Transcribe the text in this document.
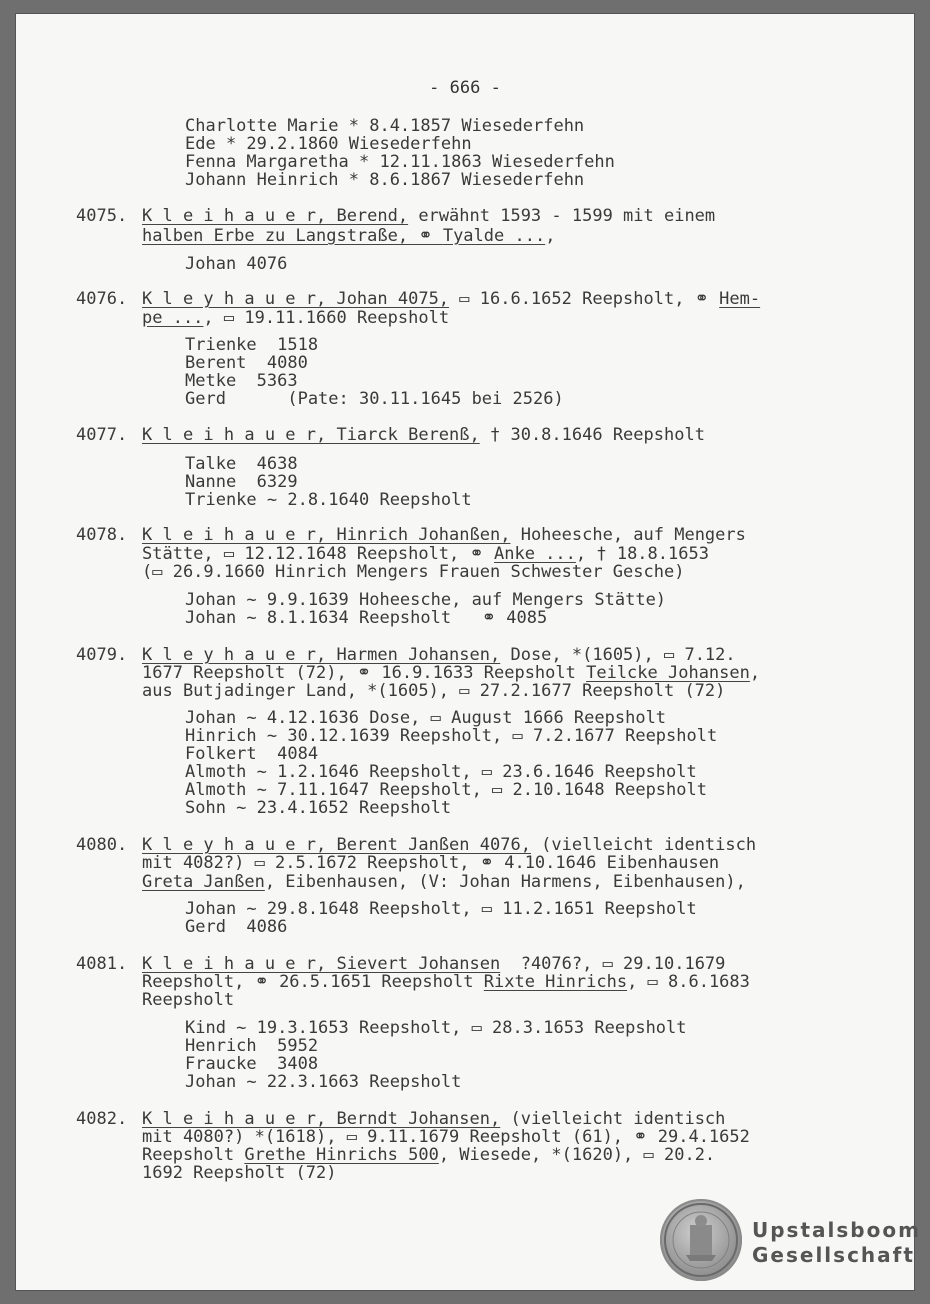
- 666 -
Charlotte Marie * 8.4.1857 Wiesederfehn
Ede * 29.2.1860 Wiesederfehn
Fenna Margaretha * 12.11.1863 Wiesederfehn
Johann Heinrich * 8.6.1867 Wiesederfehn
4075. K l e i h a u e r, Berend, erwähnt 1593 - 1599 mit einem
halben Erbe zu Langstraße, ⚭ Tyalde ...,
Johan 4076
4076. K l e y h a u e r, Johan 4075, ▭ 16.6.1652 Reepsholt, ⚭ Hem-
pe ..., ▭ 19.11.1660 Reepsholt
Trienke  1518
Berent  4080
Metke  5363
Gerd      (Pate: 30.11.1645 bei 2526)
4077. K l e i h a u e r, Tiarck Berenß, † 30.8.1646 Reepsholt
Talke  4638
Nanne  6329
Trienke ~ 2.8.1640 Reepsholt
4078. K l e i h a u e r, Hinrich Johanßen, Hoheesche, auf Mengers
Stätte, ▭ 12.12.1648 Reepsholt, ⚭ Anke ..., † 18.8.1653
(▭ 26.9.1660 Hinrich Mengers Frauen Schwester Gesche)
Johan ~ 9.9.1639 Hoheesche, auf Mengers Stätte)
Johan ~ 8.1.1634 Reepsholt   ⚭ 4085
4079. K l e y h a u e r, Harmen Johansen, Dose, *(1605), ▭ 7.12.
1677 Reepsholt (72), ⚭ 16.9.1633 Reepsholt Teilcke Johansen,
aus Butjadinger Land, *(1605), ▭ 27.2.1677 Reepsholt (72)
Johan ~ 4.12.1636 Dose, ▭ August 1666 Reepsholt
Hinrich ~ 30.12.1639 Reepsholt, ▭ 7.2.1677 Reepsholt
Folkert  4084
Almoth ~ 1.2.1646 Reepsholt, ▭ 23.6.1646 Reepsholt
Almoth ~ 7.11.1647 Reepsholt, ▭ 2.10.1648 Reepsholt
Sohn ~ 23.4.1652 Reepsholt
4080. K l e y h a u e r, Berent Janßen 4076, (vielleicht identisch
mit 4082?) ▭ 2.5.1672 Reepsholt, ⚭ 4.10.1646 Eibenhausen
Greta Janßen, Eibenhausen, (V: Johan Harmens, Eibenhausen),
Johan ~ 29.8.1648 Reepsholt, ▭ 11.2.1651 Reepsholt
Gerd  4086
4081. K l e i h a u e r, Sievert Johansen  ?4076?, ▭ 29.10.1679
Reepsholt, ⚭ 26.5.1651 Reepsholt Rixte Hinrichs, ▭ 8.6.1683
Reepsholt
Kind ~ 19.3.1653 Reepsholt, ▭ 28.3.1653 Reepsholt
Henrich  5952
Fraucke  3408
Johan ~ 22.3.1663 Reepsholt
4082. K l e i h a u e r, Berndt Johansen, (vielleicht identisch
mit 4080?) *(1618), ▭ 9.11.1679 Reepsholt (61), ⚭ 29.4.1652
Reepsholt Grethe Hinrichs 500, Wiesede, *(1620), ▭ 20.2.
1692 Reepsholt (72)
Upstalsboom
Gesellschaft
